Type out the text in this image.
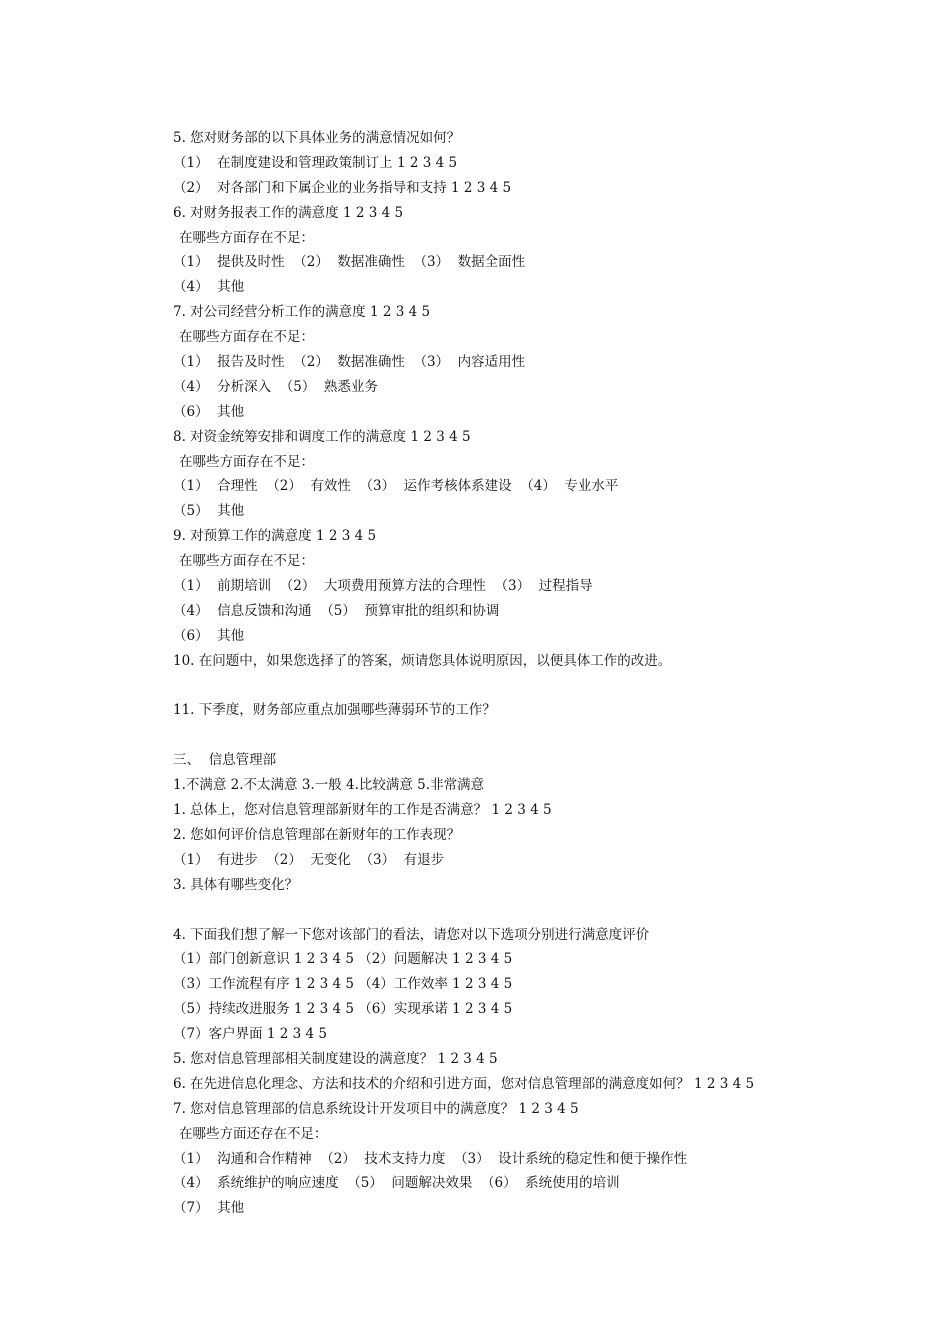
5. 您对财务部的以下具体业务的满意情况如何？
（1）  在制度建设和管理政策制订上 1 2 3 4 5
（2）  对各部门和下属企业的业务指导和支持 1 2 3 4 5
6. 对财务报表工作的满意度 1 2 3 4 5
在哪些方面存在不足：
（1）  提供及时性  （2）  数据准确性  （3）  数据全面性
（4）  其他
7. 对公司经营分析工作的满意度 1 2 3 4 5
在哪些方面存在不足：
（1）  报告及时性  （2）  数据准确性  （3）  内容适用性
（4）  分析深入  （5）  熟悉业务
（6）  其他
8. 对资金统筹安排和调度工作的满意度 1 2 3 4 5
在哪些方面存在不足：
（1）  合理性  （2）  有效性  （3）  运作考核体系建设  （4）  专业水平
（5）  其他
9. 对预算工作的满意度 1 2 3 4 5
在哪些方面存在不足：
（1）  前期培训  （2）  大项费用预算方法的合理性  （3）  过程指导
（4）  信息反馈和沟通  （5）  预算审批的组织和协调
（6）  其他
10. 在问题中，如果您选择了的答案，烦请您具体说明原因，以便具体工作的改进。
11. 下季度，财务部应重点加强哪些薄弱环节的工作？
三、  信息管理部
1.不满意 2.不太满意 3.一般 4.比较满意 5.非常满意
1. 总体上，您对信息管理部新财年的工作是否满意？ 1 2 3 4 5
2. 您如何评价信息管理部在新财年的工作表现？
（1）  有进步  （2）  无变化  （3）  有退步
3. 具体有哪些变化？
4. 下面我们想了解一下您对该部门的看法，请您对以下选项分别进行满意度评价
（1）部门创新意识 1 2 3 4 5 （2）问题解决 1 2 3 4 5
（3）工作流程有序 1 2 3 4 5 （4）工作效率 1 2 3 4 5
（5）持续改进服务 1 2 3 4 5 （6）实现承诺 1 2 3 4 5
（7）客户界面 1 2 3 4 5
5. 您对信息管理部相关制度建设的满意度？ 1 2 3 4 5
6. 在先进信息化理念、方法和技术的介绍和引进方面，您对信息管理部的满意度如何？ 1 2 3 4 5
7. 您对信息管理部的信息系统设计开发项目中的满意度？ 1 2 3 4 5
在哪些方面还存在不足：
（1）  沟通和合作精神  （2）  技术支持力度  （3）  设计系统的稳定性和便于操作性
（4）  系统维护的响应速度  （5）  问题解决效果  （6）  系统使用的培训
（7）  其他
